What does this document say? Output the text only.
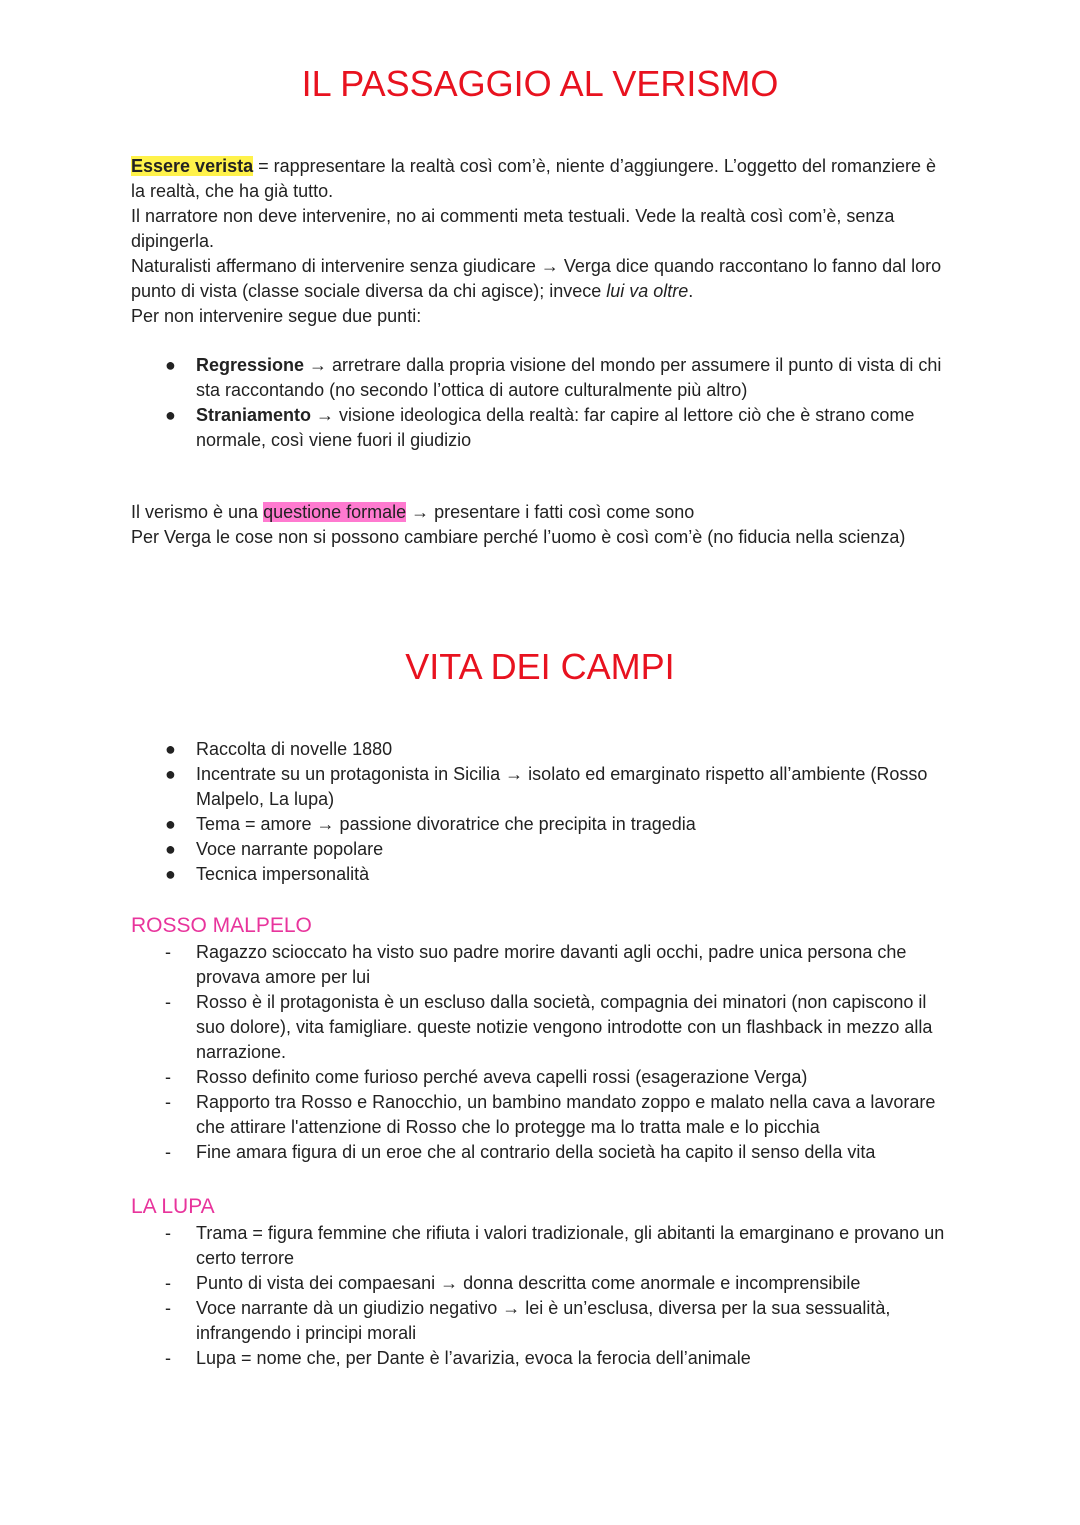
IL PASSAGGIO AL VERISMO

Essere verista = rappresentare la realtà così com’è, niente d’aggiungere. L’oggetto del romanziere è la realtà, che ha già tutto.

Il narratore non deve intervenire, no ai commenti meta testuali. Vede la realtà così com’è, senza dipingerla.

Naturalisti affermano di intervenire senza giudicare → Verga dice quando raccontano lo fanno dal loro punto di vista (classe sociale diversa da chi agisce); invece lui va oltre.

Per non intervenire segue due punti:

● Regressione → arretrare dalla propria visione del mondo per assumere il punto di vista di chi sta raccontando (no secondo l’ottica di autore culturalmente più altro)
● Straniamento → visione ideologica della realtà: far capire al lettore ciò che è strano come normale, così viene fuori il giudizio

Il verismo è una questione formale → presentare i fatti così come sono

Per Verga le cose non si possono cambiare perché l’uomo è così com’è (no fiducia nella scienza)

VITA DEI CAMPI
● Raccolta di novelle 1880
● Incentrate su un protagonista in Sicilia → isolato ed emarginato rispetto all’ambiente (Rosso Malpelo, La lupa)
● Tema = amore → passione divoratrice che precipita in tragedia
● Voce narrante popolare
● Tecnica impersonalità
ROSSO MALPELO
- Ragazzo scioccato ha visto suo padre morire davanti agli occhi, padre unica persona che provava amore per lui
- Rosso è il protagonista è un escluso dalla società, compagnia dei minatori (non capiscono il suo dolore), vita famigliare. queste notizie vengono introdotte con un flashback in mezzo alla narrazione.
- Rosso definito come furioso perché aveva capelli rossi (esagerazione Verga)
- Rapporto tra Rosso e Ranocchio, un bambino mandato zoppo e malato nella cava a lavorare che attirare l'attenzione di Rosso che lo protegge ma lo tratta male e lo picchia
- Fine amara figura di un eroe che al contrario della società ha capito il senso della vita
LA LUPA
- Trama = figura femmine che rifiuta i valori tradizionale, gli abitanti la emarginano e provano un certo terrore
- Punto di vista dei compaesani → donna descritta come anormale e incomprensibile
- Voce narrante dà un giudizio negativo → lei è un’esclusa, diversa per la sua sessualità, infrangendo i principi morali
- Lupa = nome che, per Dante è l’avarizia, evoca la ferocia dell’animale
